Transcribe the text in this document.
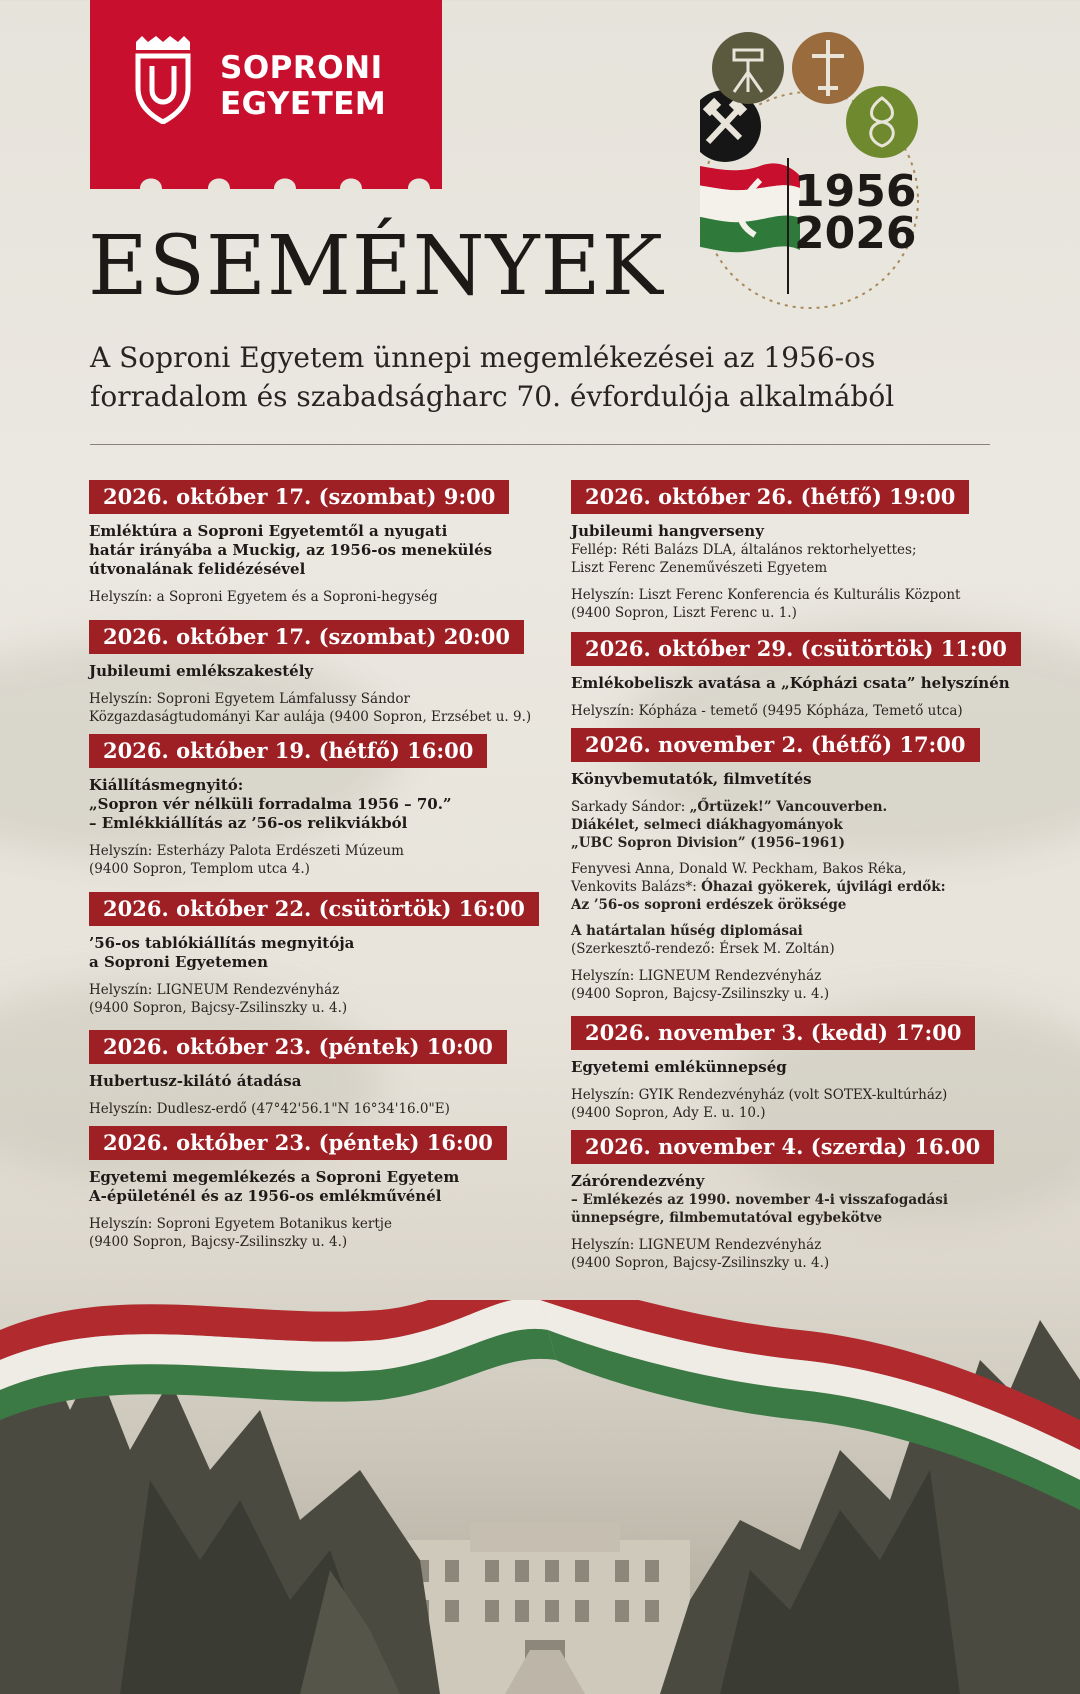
SOPRONI
EGYETEM
1956
2026
ESEMÉNYEK
A Soproni Egyetem ünnepi megemlékezései az 1956-os
forradalom és szabadságharc 70. évfordulója alkalmából
2026. október 17. (szombat) 9:00
Emléktúra a Soproni Egyetemtől a nyugati
határ irányába a Muckig, az 1956-os menekülés
útvonalának felidézésével
Helyszín: a Soproni Egyetem és a Soproni-hegység
2026. október 17. (szombat) 20:00
Jubileumi emlékszakestély
Helyszín: Soproni Egyetem Lámfalussy Sándor
Közgazdaságtudományi Kar aulája (9400 Sopron, Erzsébet u. 9.)
2026. október 19. (hétfő) 16:00
Kiállításmegnyitó:
„Sopron vér nélküli forradalma 1956 – 70.”
– Emlékkiállítás az ’56-os relikviákból
Helyszín: Esterházy Palota Erdészeti Múzeum
(9400 Sopron, Templom utca 4.)
2026. október 22. (csütörtök) 16:00
’56-os tablókiállítás megnyitója
a Soproni Egyetemen
Helyszín: LIGNEUM Rendezvényház
(9400 Sopron, Bajcsy-Zsilinszky u. 4.)
2026. október 23. (péntek) 10:00
Hubertusz-kilátó átadása
Helyszín: Dudlesz-erdő (47°42'56.1"N 16°34'16.0"E)
2026. október 23. (péntek) 16:00
Egyetemi megemlékezés a Soproni Egyetem
A-épületénél és az 1956-os emlékművénél
Helyszín: Soproni Egyetem Botanikus kertje
(9400 Sopron, Bajcsy-Zsilinszky u. 4.)
2026. október 26. (hétfő) 19:00
Jubileumi hangverseny
Fellép: Réti Balázs DLA, általános rektorhelyettes;
Liszt Ferenc Zeneművészeti Egyetem
Helyszín: Liszt Ferenc Konferencia és Kulturális Központ
(9400 Sopron, Liszt Ferenc u. 1.)
2026. október 29. (csütörtök) 11:00
Emlékobeliszk avatása a „Kópházi csata” helyszínén
Helyszín: Kópháza - temető (9495 Kópháza, Temető utca)
2026. november 2. (hétfő) 17:00
Könyvbemutatók, filmvetítés
Sarkady Sándor: „Őrtüzek!” Vancouverben.
Diákélet, selmeci diákhagyományok
„UBC Sopron Division” (1956–1961)
Fenyvesi Anna, Donald W. Peckham, Bakos Réka,
Venkovits Balázs*: Óhazai gyökerek, újvilági erdők:
Az ’56-os soproni erdészek öröksége
A határtalan hűség diplomásai
(Szerkesztő-rendező: Érsek M. Zoltán)
Helyszín: LIGNEUM Rendezvényház
(9400 Sopron, Bajcsy-Zsilinszky u. 4.)
2026. november 3. (kedd) 17:00
Egyetemi emlékünnepség
Helyszín: GYIK Rendezvényház (volt SOTEX-kultúrház)
(9400 Sopron, Ady E. u. 10.)
2026. november 4. (szerda) 16.00
Zárórendezvény
– Emlékezés az 1990. november 4-i visszafogadási
ünnepségre, filmbemutatóval egybekötve
Helyszín: LIGNEUM Rendezvényház
(9400 Sopron, Bajcsy-Zsilinszky u. 4.)
